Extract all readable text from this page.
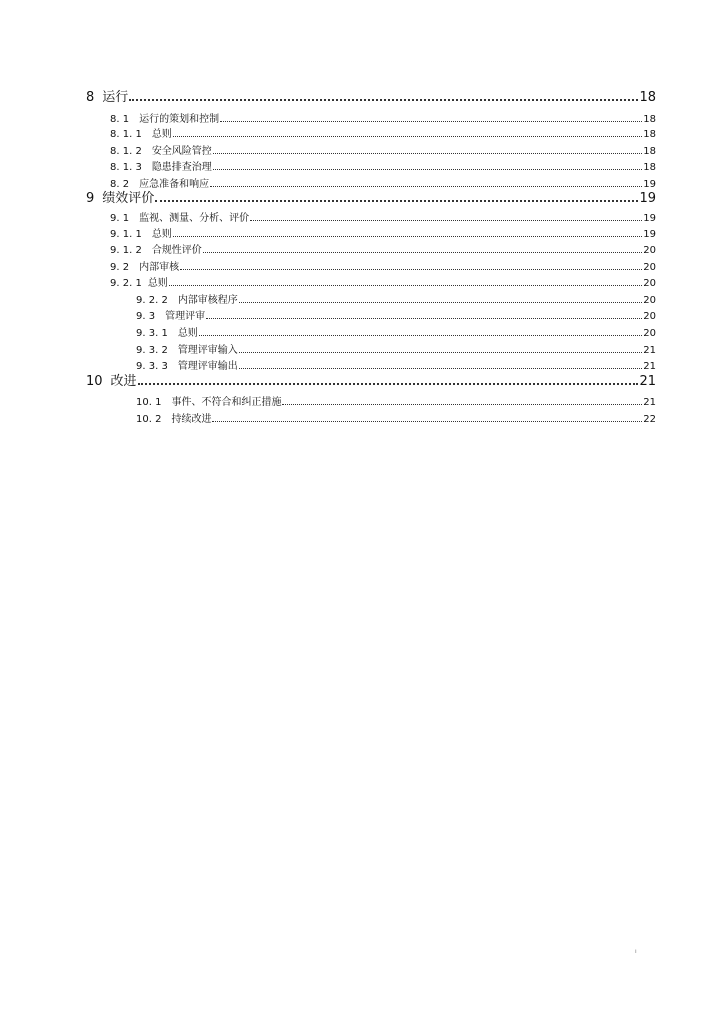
8 运行	18
8. 1 运行的策划和控制	18
8. 1. 1 总则	18
8. 1. 2 安全风险管控	18
8. 1. 3 隐患排查治理	18
8. 2 应急准备和响应	19
9 绩效评价	19
9. 1 监视、测量、分析、评价	19
9. 1. 1 总则	19
9. 1. 2 合规性评价	20
9. 2 内部审核	20
9. 2. 1 总则	20
9. 2. 2 内部审核程序	20
9. 3 管理评审	20
9. 3. 1 总则	20
9. 3. 2 管理评审输入	21
9. 3. 3 管理评审输出	21
10 改进	21
10. 1 事件、不符合和纠正措施	21
10. 2 持续改进	22
ı
